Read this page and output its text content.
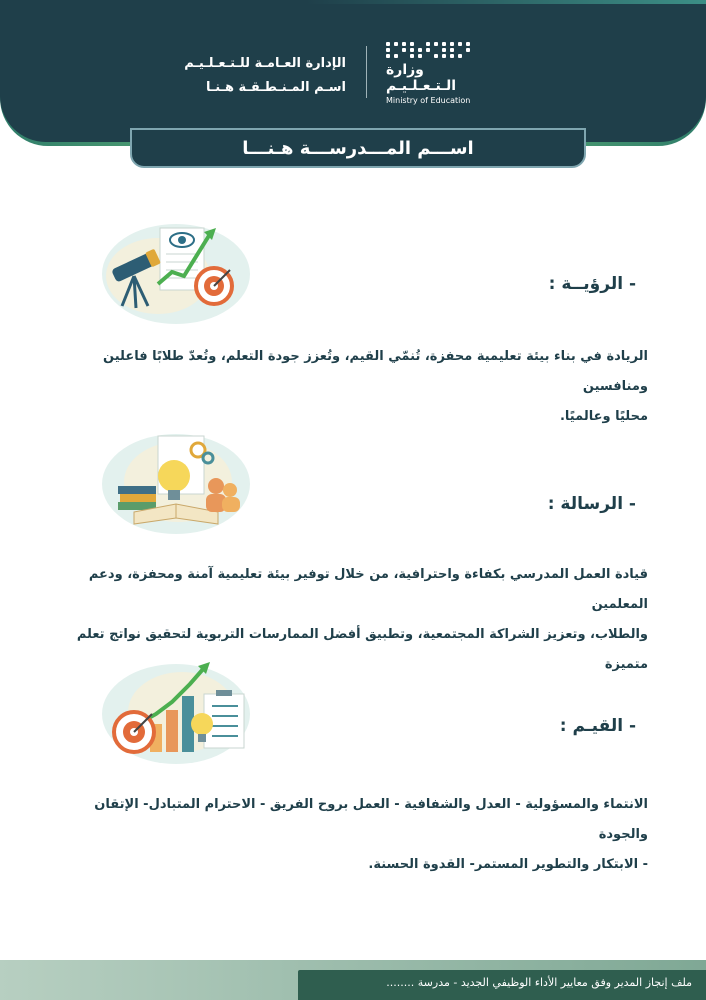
الإدارة العـامـة للـتـعـلـيـم
اسـم المـنـطـقـة هـنـا
وزارة الـتـعـلـيـم
Ministry of Education
اســـم المـــدرســـة هـنـــا
- الرؤيــة :
الريادة في بناء بيئة تعليمية محفزة، تُنمّي القيم، وتُعزز جودة التعلم، وتُعدّ طلابًا فاعلين ومنافسين
محليًا وعالميًا.
- الرسالة :
قيادة العمل المدرسي بكفاءة واحترافية، من خلال توفير بيئة تعليمية آمنة ومحفزة، ودعم المعلمين
والطلاب، وتعزيز الشراكة المجتمعية، وتطبيق أفضل الممارسات التربوية لتحقيق نواتج تعلم متميزة
- القيـم :
الانتماء والمسؤولية - العدل والشفافية - العمل بروح الفريق - الاحترام المتبادل- الإتقان والجودة
- الابتكار والتطوير المستمر- القدوة الحسنة.
ملف إنجاز المدير وفق معايير الأداء الوظيفي الجديد - مدرسة ........
